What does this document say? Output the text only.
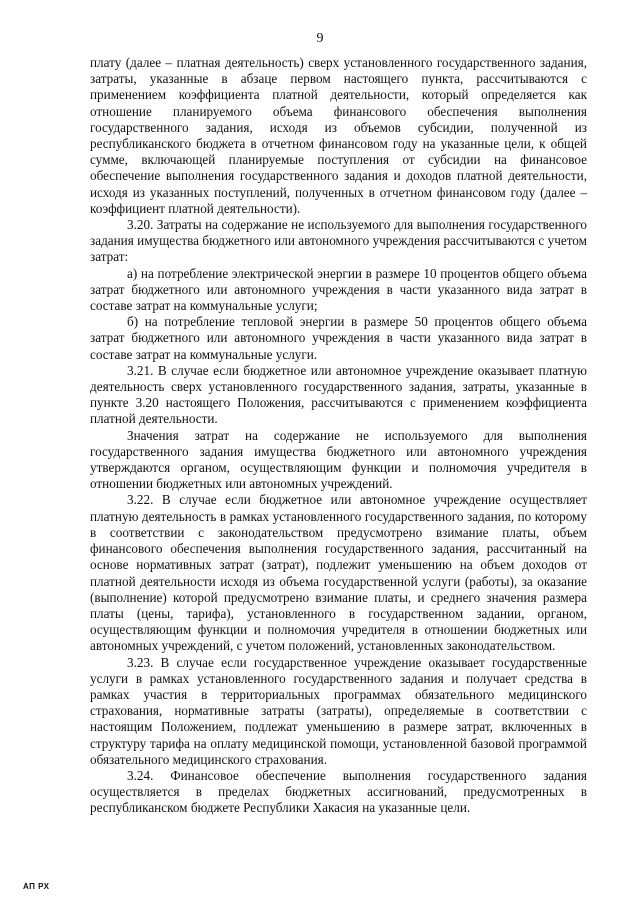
9

плату (далее – платная деятельность) сверх установленного государственного задания, затраты, указанные в абзаце первом настоящего пункта, рассчитываются с применением коэффициента платной деятельности, который определяется как отношение планируемого объема финансового обеспечения выполнения государственного задания, исходя из объемов субсидии, полученной из республиканского бюджета в отчетном финансовом году на указанные цели, к общей сумме, включающей планируемые поступления от субсидии на финансовое обеспечение выполнения государственного задания и доходов платной деятельности, исходя из указанных поступлений, полученных в отчетном финансовом году (далее – коэффициент платной деятельности).

3.20. Затраты на содержание не используемого для выполнения государственного задания имущества бюджетного или автономного учреждения рассчитываются с учетом затрат:

а) на потребление электрической энергии в размере 10 процентов общего объема затрат бюджетного или автономного учреждения в части указанного вида затрат в составе затрат на коммунальные услуги;

б) на потребление тепловой энергии в размере 50 процентов общего объема затрат бюджетного или автономного учреждения в части указанного вида затрат в составе затрат на коммунальные услуги.

3.21. В случае если бюджетное или автономное учреждение оказывает платную деятельность сверх установленного государственного задания, затраты, указанные в пункте 3.20 настоящего Положения, рассчитываются с применением коэффициента платной деятельности.

Значения затрат на содержание не используемого для выполнения государственного задания имущества бюджетного или автономного учреждения утверждаются органом, осуществляющим функции и полномочия учредителя в отношении бюджетных или автономных учреждений.

3.22. В случае если бюджетное или автономное учреждение осуществляет платную деятельность в рамках установленного государственного задания, по которому в соответствии с законодательством предусмотрено взимание платы, объем финансового обеспечения выполнения государственного задания, рассчитанный на основе нормативных затрат (затрат), подлежит уменьшению на объем доходов от платной деятельности исходя из объема государственной услуги (работы), за оказание (выполнение) которой предусмотрено взимание платы, и среднего значения размера платы (цены, тарифа), установленного в государственном задании, органом, осуществляющим функции и полномочия учредителя в отношении бюджетных или автономных учреждений, с учетом положений, установленных законодательством.

3.23. В случае если государственное учреждение оказывает государственные услуги в рамках установленного государственного задания и получает средства в рамках участия в территориальных программах обязательного медицинского страхования, нормативные затраты (затраты), определяемые в соответствии с настоящим Положением, подлежат уменьшению в размере затрат, включенных в структуру тарифа на оплату медицинской помощи, установленной базовой программой обязательного медицинского страхования.

3.24. Финансовое обеспечение выполнения государственного задания осуществляется в пределах бюджетных ассигнований, предусмотренных в республиканском бюджете Республики Хакасия на указанные цели.

АП РХ
